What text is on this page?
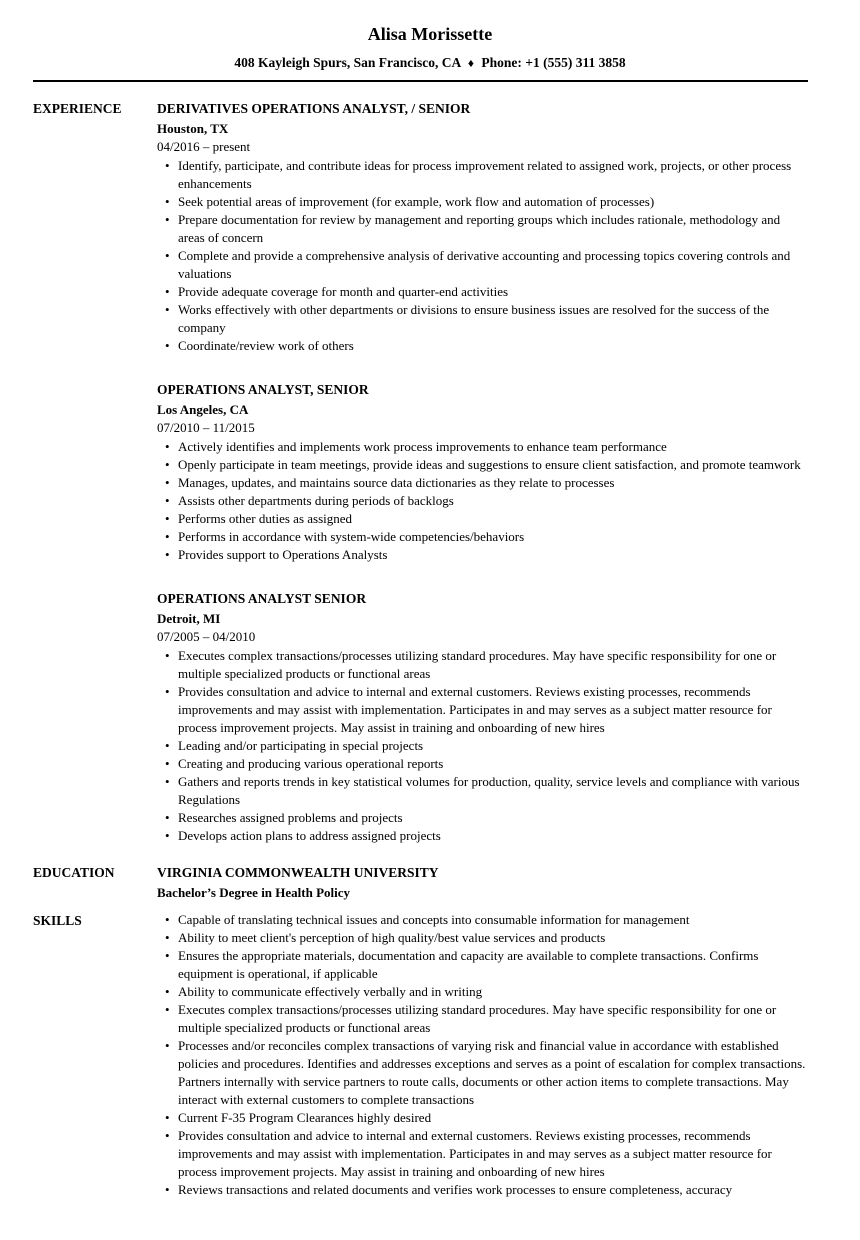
Alisa Morissette
408 Kayleigh Spurs, San Francisco, CA ♦ Phone: +1 (555) 311 3858
EXPERIENCE	DERIVATIVES OPERATIONS ANALYST, / SENIOR
Houston, TX
04/2016 – present
• Identify, participate, and contribute ideas for process improvement related to assigned work, projects, or other process enhancements
• Seek potential areas of improvement (for example, work flow and automation of processes)
• Prepare documentation for review by management and reporting groups which includes rationale, methodology and areas of concern
• Complete and provide a comprehensive analysis of derivative accounting and processing topics covering controls and valuations
• Provide adequate coverage for month and quarter-end activities
• Works effectively with other departments or divisions to ensure business issues are resolved for the success of the company
• Coordinate/review work of others
OPERATIONS ANALYST, SENIOR
Los Angeles, CA
07/2010 – 11/2015
• Actively identifies and implements work process improvements to enhance team performance
• Openly participate in team meetings, provide ideas and suggestions to ensure client satisfaction, and promote teamwork
• Manages, updates, and maintains source data dictionaries as they relate to processes
• Assists other departments during periods of backlogs
• Performs other duties as assigned
• Performs in accordance with system-wide competencies/behaviors
• Provides support to Operations Analysts
OPERATIONS ANALYST SENIOR
Detroit, MI
07/2005 – 04/2010
• Executes complex transactions/processes utilizing standard procedures. May have specific responsibility for one or multiple specialized products or functional areas
• Provides consultation and advice to internal and external customers. Reviews existing processes, recommends improvements and may assist with implementation. Participates in and may serves as a subject matter resource for process improvement projects. May assist in training and onboarding of new hires
• Leading and/or participating in special projects
• Creating and producing various operational reports
• Gathers and reports trends in key statistical volumes for production, quality, service levels and compliance with various Regulations
• Researches assigned problems and projects
• Develops action plans to address assigned projects
EDUCATION	VIRGINIA COMMONWEALTH UNIVERSITY
Bachelor’s Degree in Health Policy
SKILLS	• Capable of translating technical issues and concepts into consumable information for management
• Ability to meet client's perception of high quality/best value services and products
• Ensures the appropriate materials, documentation and capacity are available to complete transactions. Confirms equipment is operational, if applicable
• Ability to communicate effectively verbally and in writing
• Executes complex transactions/processes utilizing standard procedures. May have specific responsibility for one or multiple specialized products or functional areas
• Processes and/or reconciles complex transactions of varying risk and financial value in accordance with established policies and procedures. Identifies and addresses exceptions and serves as a point of escalation for complex transactions. Partners internally with service partners to route calls, documents or other action items to complete transactions. May interact with external customers to complete transactions
• Current F-35 Program Clearances highly desired
• Provides consultation and advice to internal and external customers. Reviews existing processes, recommends improvements and may assist with implementation. Participates in and may serves as a subject matter resource for process improvement projects. May assist in training and onboarding of new hires
• Reviews transactions and related documents and verifies work processes to ensure completeness, accuracy
